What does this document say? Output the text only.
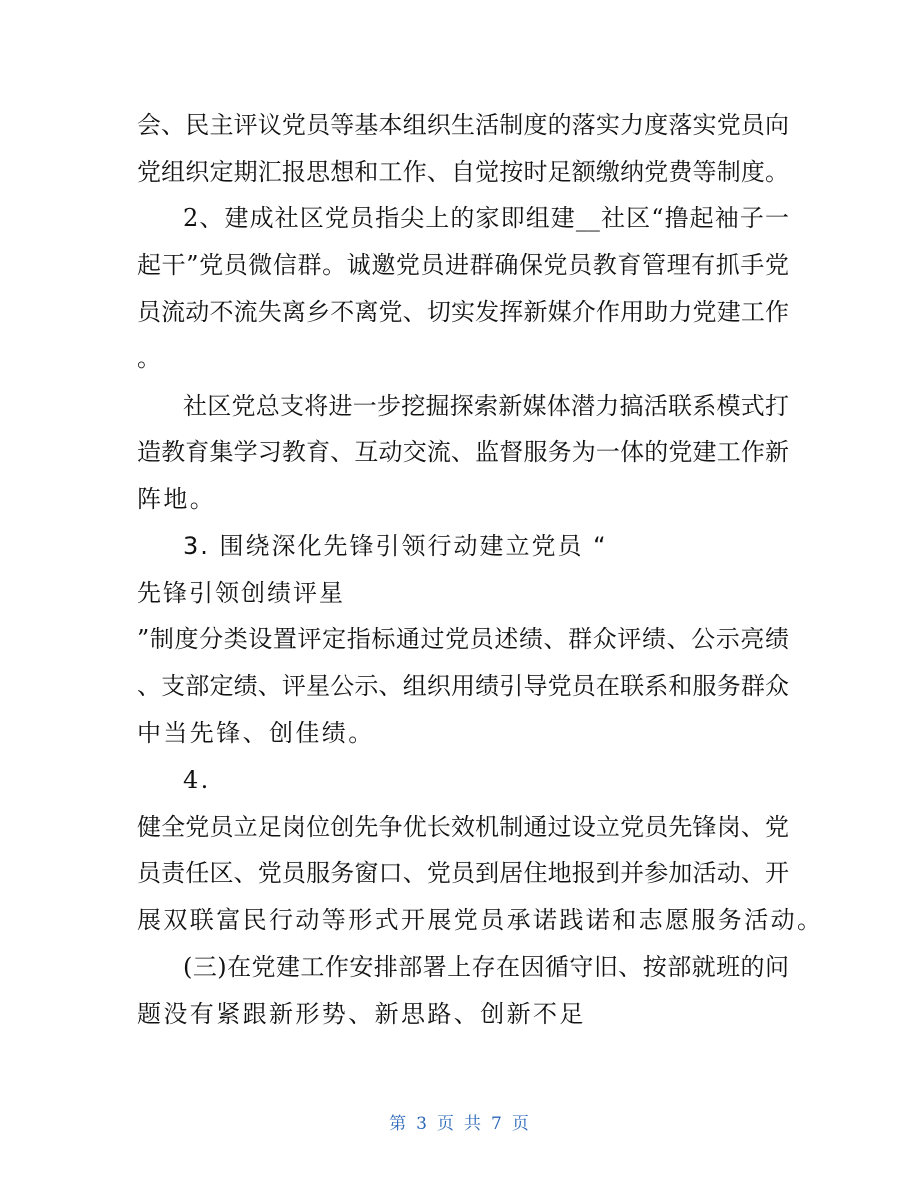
会、民主评议党员等基本组织生活制度的落实力度落实党员向
党组织定期汇报思想和工作、自觉按时足额缴纳党费等制度。
2、建成社区党员指尖上的家即组建__社区“撸起袖子一
起干”党员微信群。诚邀党员进群确保党员教育管理有抓手党
员流动不流失离乡不离党、切实发挥新媒介作用助力党建工作
。
社区党总支将进一步挖掘探索新媒体潜力搞活联系模式打
造教育集学习教育、互动交流、监督服务为一体的党建工作新
阵地。
3. 围绕深化先锋引领行动建立党员 “
先锋引领创绩评星
”制度分类设置评定指标通过党员述绩、群众评绩、公示亮绩
、支部定绩、评星公示、组织用绩引导党员在联系和服务群众
中当先锋、创佳绩。
4.
健全党员立足岗位创先争优长效机制通过设立党员先锋岗、党
员责任区、党员服务窗口、党员到居住地报到并参加活动、开
展双联富民行动等形式开展党员承诺践诺和志愿服务活动。
(三)在党建工作安排部署上存在因循守旧、按部就班的问
题没有紧跟新形势、新思路、创新不足
第 3 页 共 7 页
